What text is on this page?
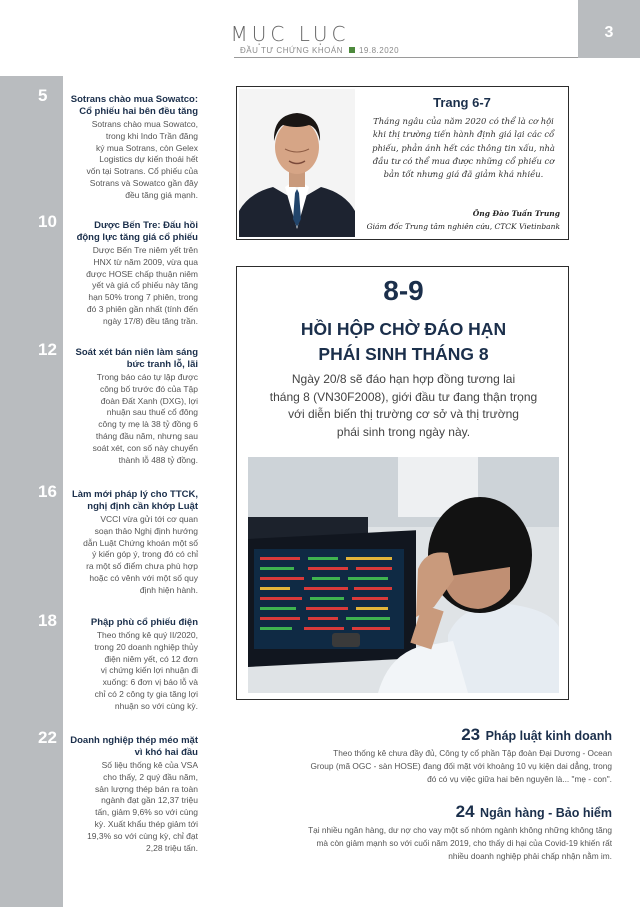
MỤC LỤC
ĐẦU TƯ CHỨNG KHOÁN 19.8.2020
3
5	Sotrans chào mua Sowatco:
Cổ phiếu hai bên đều tăng
Sotrans chào mua Sowatco,
trong khi Indo Trần đăng
ký mua Sotrans, còn Gelex
Logistics dự kiến thoái hết
vốn tại Sotrans. Cổ phiếu của
Sotrans và Sowatco gần đây
đều tăng giá mạnh.
10	Dược Bến Tre: Đấu hồi
động lực tăng giá cổ phiếu
Dược Bến Tre niêm yết trên
HNX từ năm 2009, vừa qua
được HOSE chấp thuận niêm
yết và giá cổ phiếu này tăng
hạn 50% trong 7 phiên, trong
đó 3 phiên gần nhất (tính đến
ngày 17/8) đều tăng trần.
12	Soát xét bán niên làm sáng
bức tranh lỗ, lãi
Trong báo cáo tự lập được
công bố trước đó của Tập
đoàn Đất Xanh (DXG), lợi
nhuận sau thuế cổ đông
công ty mẹ là 38 tỷ đồng 6
tháng đầu năm, nhưng sau
soát xét, con số này chuyển
thành lỗ 488 tỷ đồng.
16	Làm mới pháp lý cho TTCK,
nghị định cần khớp Luật
VCCI vừa gửi tới cơ quan
soạn thảo Nghị định hướng
dẫn Luật Chứng khoán một số
ý kiến góp ý, trong đó có chỉ
ra một số điểm chưa phù hợp
hoặc có vênh với một số quy
định hiện hành.
18	Phập phù cổ phiếu điện
Theo thống kê quý II/2020,
trong 20 doanh nghiệp thủy
điện niêm yết, có 12 đơn
vị chứng kiến lợi nhuận đi
xuống: 6 đơn vị báo lỗ và
chỉ có 2 công ty gia tăng lợi
nhuận so với cùng kỳ.
22	Doanh nghiệp thép méo mặt
vì khó hai đầu
Số liệu thống kê của VSA
cho thấy, 2 quý đầu năm,
sản lượng thép bán ra toàn
ngành đạt gần 12,37 triệu
tấn, giảm 9,6% so với cùng
kỳ. Xuất khẩu thép giảm tới
19,3% so với cùng kỳ, chỉ đạt
2,28 triệu tấn.
Trang 6-7
Tháng ngâu của năm 2020 có thể là cơ hội
khi thị trường tiến hành định giá lại các cổ
phiếu, phản ánh hết các thông tin xấu, nhà
đầu tư có thể mua được những cổ phiếu cơ
bản tốt nhưng giá đã giảm khá nhiều.
Ông Đào Tuấn Trung
Giám đốc Trung tâm nghiên cứu, CTCK Vietinbank
8-9
HỒI HỘP CHỜ ĐÁO HẠN
PHÁI SINH THÁNG 8
Ngày 20/8 sẽ đáo hạn hợp đồng tương lai
tháng 8 (VN30F2008), giới đầu tư đang thận trọng
với diễn biến thị trường cơ sở và thị trường
phái sinh trong ngày này.
23 Pháp luật kinh doanh
Theo thống kê chưa đầy đủ, Công ty cổ phần Tập đoàn Đại Dương - Ocean
Group (mã OGC - sàn HOSE) đang đối mặt với khoảng 10 vụ kiện dai dẳng, trong
đó có vụ việc giữa hai bên nguyên là... "mẹ - con".
24 Ngân hàng - Bảo hiểm
Tại nhiều ngân hàng, dư nợ cho vay một số nhóm ngành không những không tăng
mà còn giảm mạnh so với cuối năm 2019, cho thấy di hại của Covid-19 khiến rất
nhiều doanh nghiệp phải chấp nhận nằm im.
